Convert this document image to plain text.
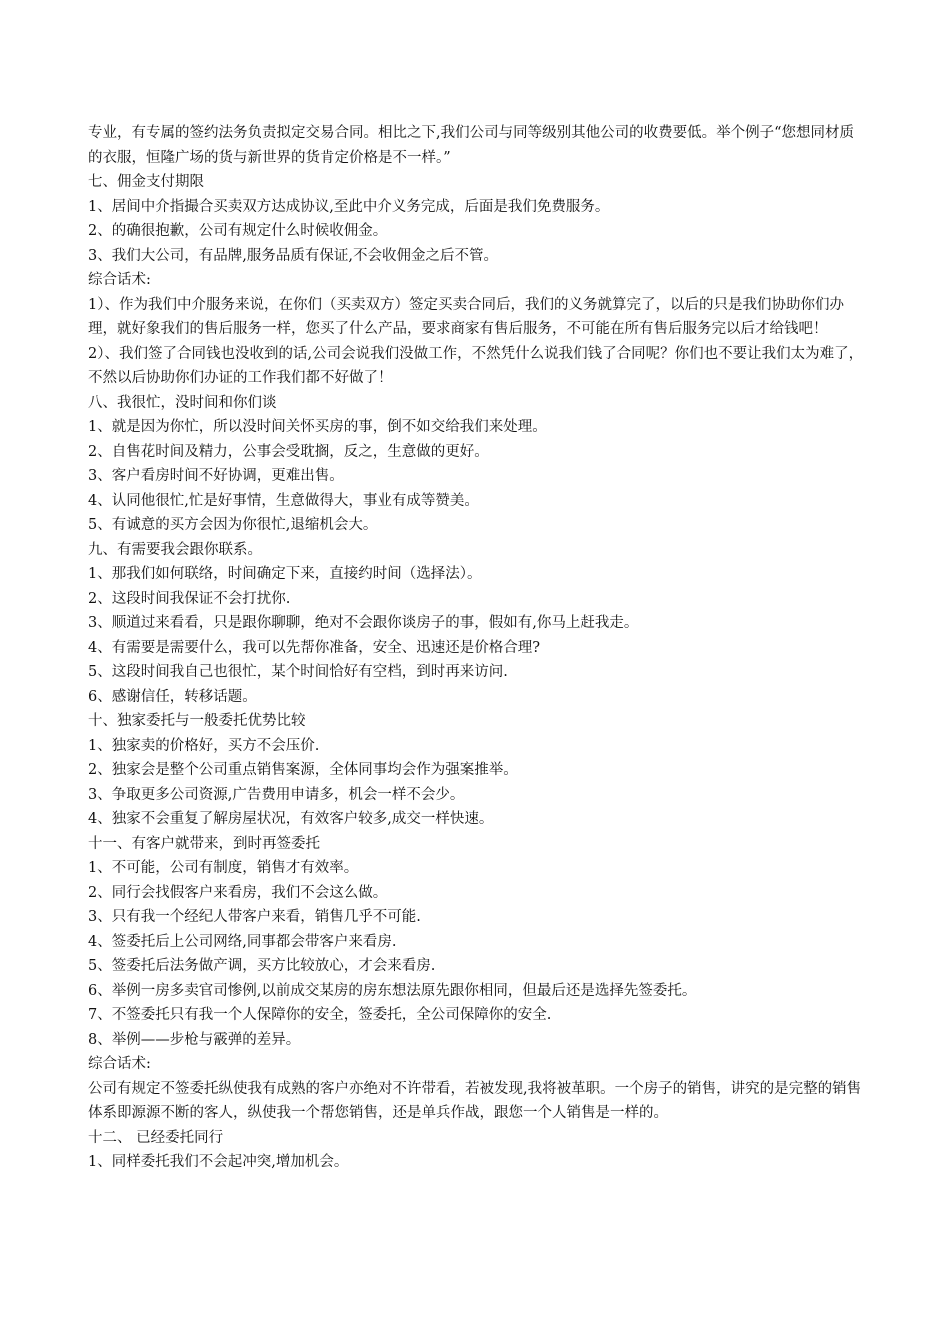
专业，有专属的签约法务负责拟定交易合同。相比之下,我们公司与同等级别其他公司的收费要低。举个例子“您想同材质的衣服，恒隆广场的货与新世界的货肯定价格是不一样。”

七、佣金支付期限

1、居间中介指撮合买卖双方达成协议,至此中介义务完成，后面是我们免费服务。

2、的确很抱歉，公司有规定什么时候收佣金。

3、我们大公司，有品牌,服务品质有保证,不会收佣金之后不管。

综合话术:

1）、作为我们中介服务来说，在你们（买卖双方）签定买卖合同后，我们的义务就算完了，以后的只是我们协助你们办理，就好象我们的售后服务一样，您买了什么产品，要求商家有售后服务，不可能在所有售后服务完以后才给钱吧！

2）、我们签了合同钱也没收到的话,公司会说我们没做工作，不然凭什么说我们钱了合同呢？你们也不要让我们太为难了，不然以后协助你们办证的工作我们都不好做了！

八、我很忙，没时间和你们谈

1、就是因为你忙，所以没时间关怀买房的事，倒不如交给我们来处理。

2、自售花时间及精力，公事会受耽搁，反之，生意做的更好。

3、客户看房时间不好协调，更难出售。

4、认同他很忙,忙是好事情，生意做得大，事业有成等赞美。

5、有诚意的买方会因为你很忙,退缩机会大。

九、有需要我会跟你联系。

1、那我们如何联络，时间确定下来，直接约时间（选择法）。

2、这段时间我保证不会打扰你.

3、顺道过来看看，只是跟你聊聊，绝对不会跟你谈房子的事，假如有,你马上赶我走。

4、有需要是需要什么，我可以先帮你准备，安全、迅速还是价格合理?

5、这段时间我自己也很忙，某个时间恰好有空档，到时再来访问.

6、感谢信任，转移话题。

十、独家委托与一般委托优势比较

1、独家卖的价格好，买方不会压价.

2、独家会是整个公司重点销售案源，全体同事均会作为强案推举。

3、争取更多公司资源,广告费用申请多，机会一样不会少。

4、独家不会重复了解房屋状况，有效客户较多,成交一样快速。

十一、有客户就带来，到时再签委托

1、不可能，公司有制度，销售才有效率。

2、同行会找假客户来看房，我们不会这么做。

3、只有我一个经纪人带客户来看，销售几乎不可能.

4、签委托后上公司网络,同事都会带客户来看房.

5、签委托后法务做产调，买方比较放心，才会来看房.

6、举例一房多卖官司惨例,以前成交某房的房东想法原先跟你相同，但最后还是选择先签委托。

7、不签委托只有我一个人保障你的安全，签委托，全公司保障你的安全.

8、举例——步枪与霰弹的差异。

综合话术:

公司有规定不签委托纵使我有成熟的客户亦绝对不许带看，若被发现,我将被革职。一个房子的销售，讲究的是完整的销售体系即源源不断的客人，纵使我一个帮您销售，还是单兵作战，跟您一个人销售是一样的。

十二、 已经委托同行

1、同样委托我们不会起冲突,增加机会。
